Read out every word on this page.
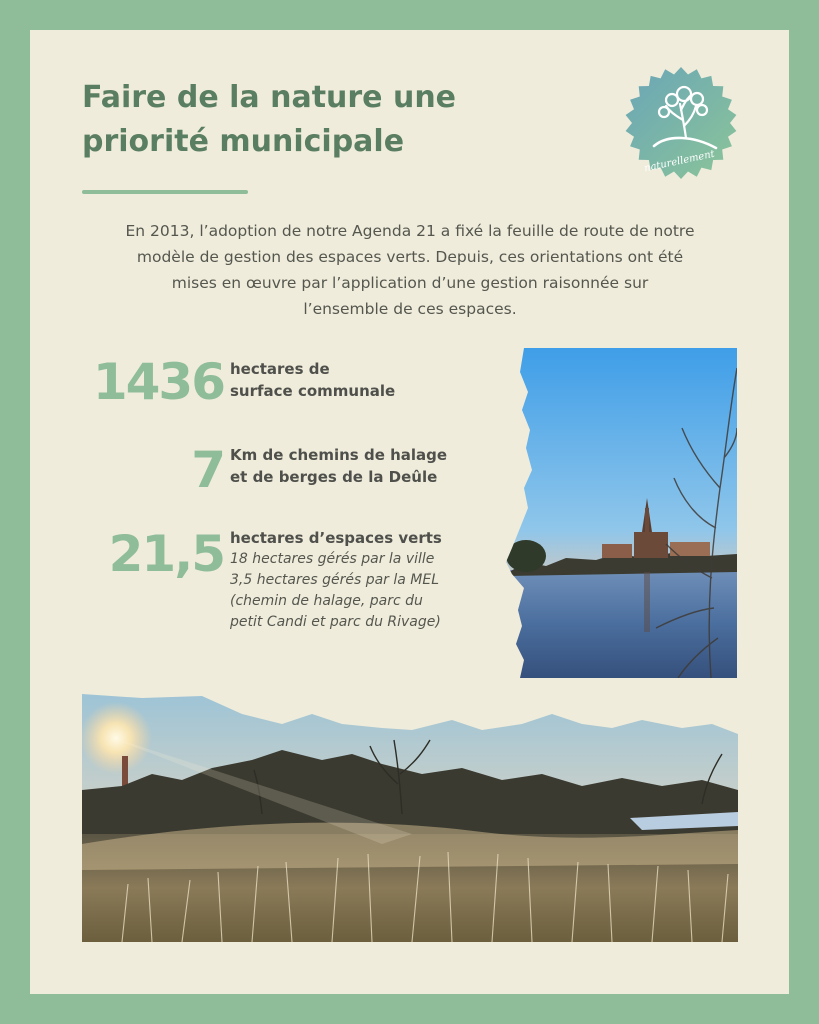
Faire de la nature une
priorité municipale
naturellement

En 2013, l’adoption de notre Agenda 21 a fixé la feuille de route de notre
modèle de gestion des espaces verts. Depuis, ces orientations ont été
mises en œuvre par l’application d’une gestion raisonnée sur
l’ensemble de ces espaces.

1436 hectares de
surface communale
7 Km de chemins de halage
et de berges de la Deûle
21,5 hectares d’espaces verts
18 hectares gérés par la ville
3,5 hectares gérés par la MEL
(chemin de halage, parc du
petit Candi et parc du Rivage)
